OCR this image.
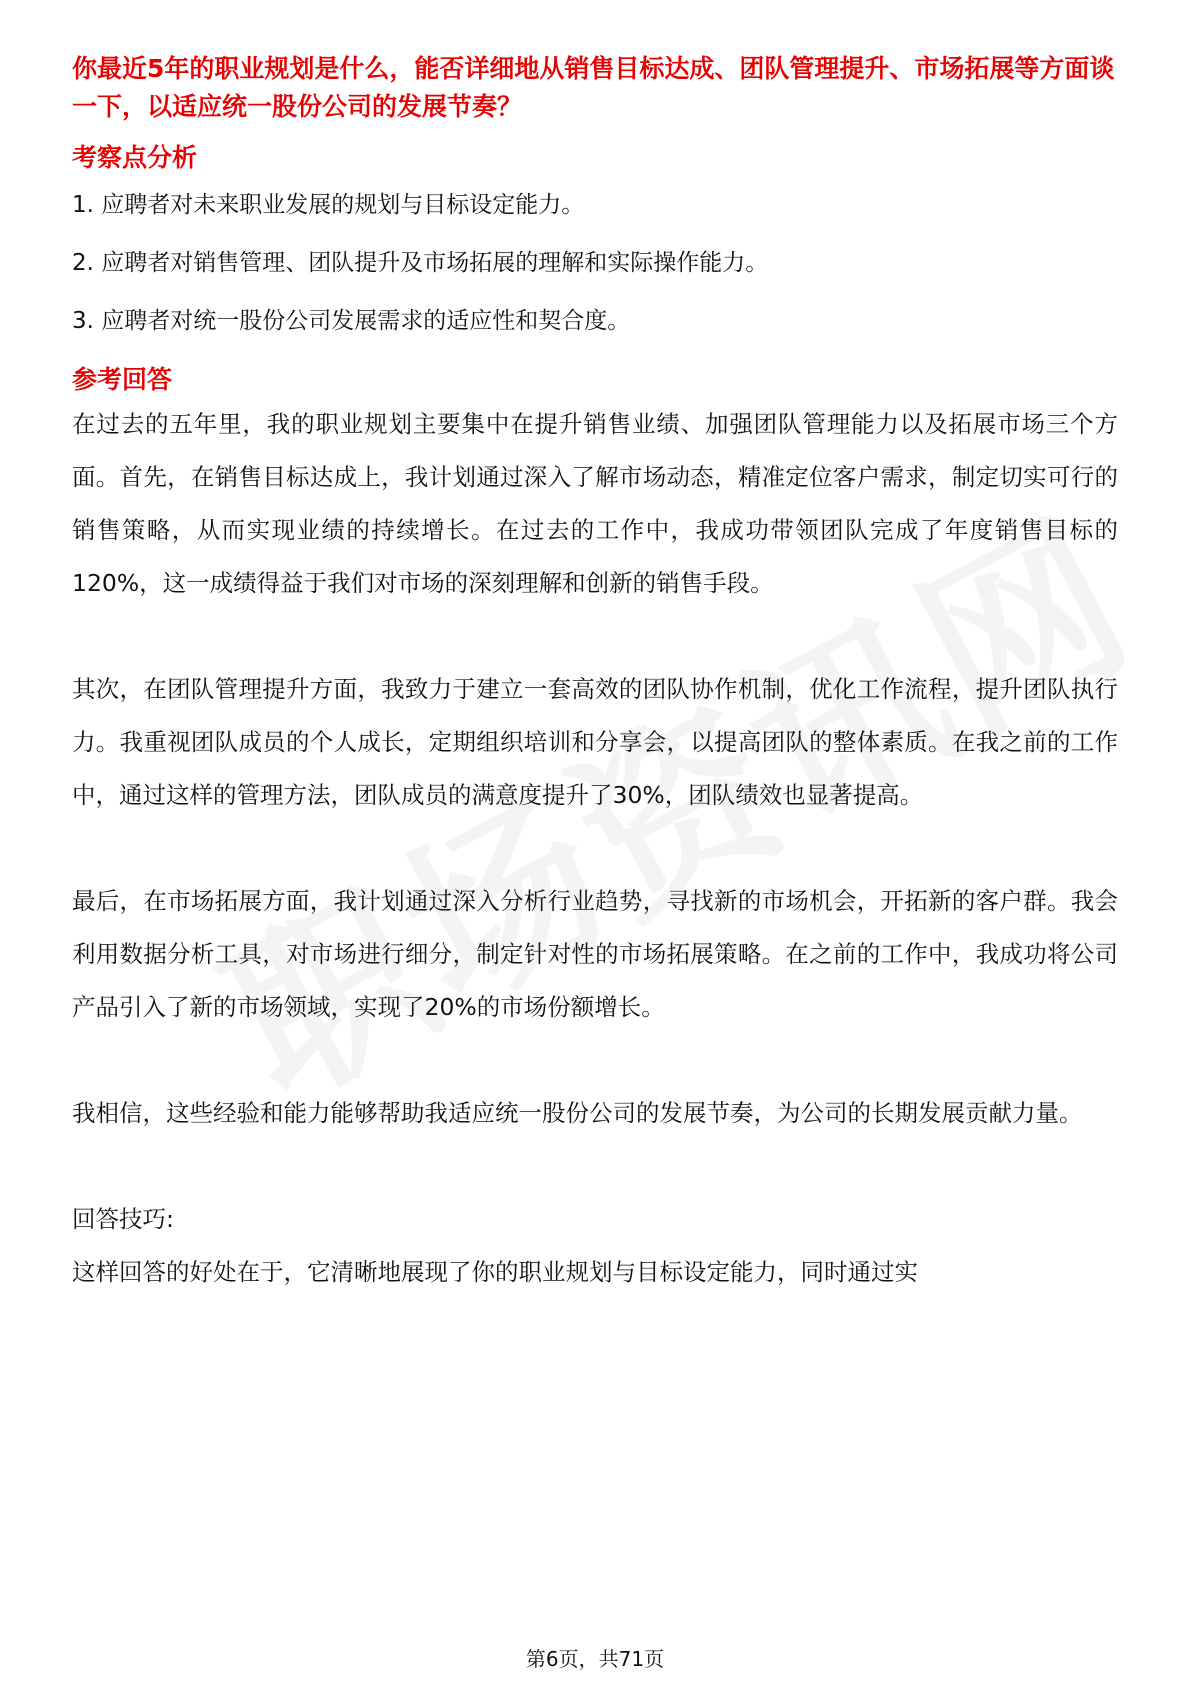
你最近5年的职业规划是什么，能否详细地从销售目标达成、团队管理提升、市场拓展等方面谈一下，以适应统一股份公司的发展节奏？

考察点分析
1. 应聘者对未来职业发展的规划与目标设定能力。
2. 应聘者对销售管理、团队提升及市场拓展的理解和实际操作能力。
3. 应聘者对统一股份公司发展需求的适应性和契合度。
参考回答

在过去的五年里，我的职业规划主要集中在提升销售业绩、加强团队管理能力以及拓展市场三个方面。首先，在销售目标达成上，我计划通过深入了解市场动态，精准定位客户需求，制定切实可行的销售策略，从而实现业绩的持续增长。在过去的工作中，我成功带领团队完成了年度销售目标的120%，这一成绩得益于我们对市场的深刻理解和创新的销售手段。

其次，在团队管理提升方面，我致力于建立一套高效的团队协作机制，优化工作流程，提升团队执行力。我重视团队成员的个人成长，定期组织培训和分享会，以提高团队的整体素质。在我之前的工作中，通过这样的管理方法，团队成员的满意度提升了30%，团队绩效也显著提高。

最后，在市场拓展方面，我计划通过深入分析行业趋势，寻找新的市场机会，开拓新的客户群。我会利用数据分析工具，对市场进行细分，制定针对性的市场拓展策略。在之前的工作中，我成功将公司产品引入了新的市场领域，实现了20%的市场份额增长。

我相信，这些经验和能力能够帮助我适应统一股份公司的发展节奏，为公司的长期发展贡献力量。

回答技巧:

这样回答的好处在于，它清晰地展现了你的职业规划与目标设定能力，同时通过实

第6页，共71页
